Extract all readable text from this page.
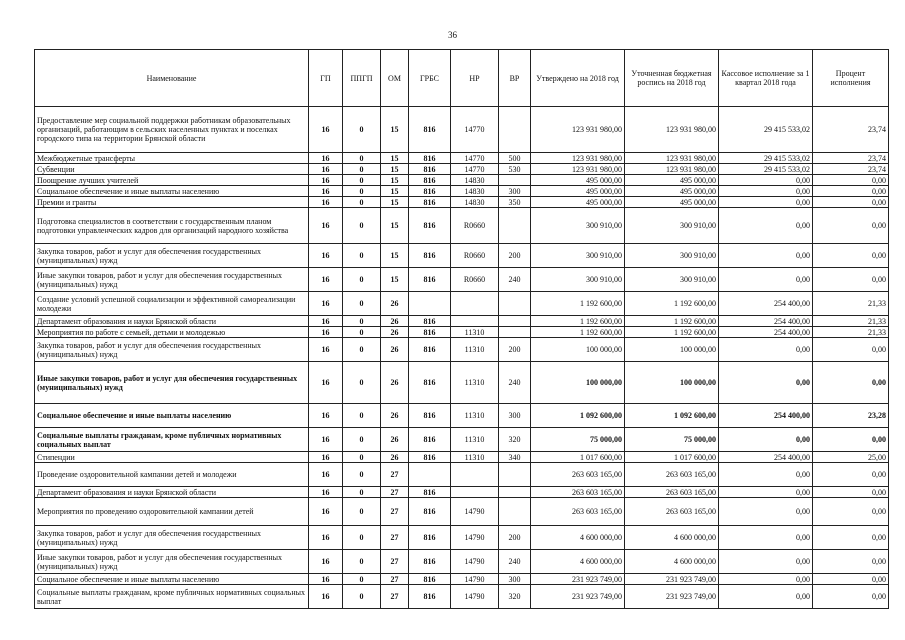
36
Наименование	ГП	ППГП	ОМ	ГРБС	НР	ВР	Утверждено на 2018 год	Уточненная бюджетная роспись на 2018 год	Кассовое исполнение за 1 квартал 2018 года	Процент исполнения
Предоставление мер социальной поддержки работникам образовательных организаций, работающим в сельских населенных пунктах и поселках городского типа на территории Брянской области	16	0	15	816	14770		123 931 980,00	123 931 980,00	29 415 533,02	23,74
Межбюджетные трансферты	16	0	15	816	14770	500	123 931 980,00	123 931 980,00	29 415 533,02	23,74
Субвенции	16	0	15	816	14770	530	123 931 980,00	123 931 980,00	29 415 533,02	23,74
Поощрение лучших учителей	16	0	15	816	14830		495 000,00	495 000,00	0,00	0,00
Социальное обеспечение и иные выплаты населению	16	0	15	816	14830	300	495 000,00	495 000,00	0,00	0,00
Премии и гранты	16	0	15	816	14830	350	495 000,00	495 000,00	0,00	0,00
Подготовка специалистов в соответствии с государственным планом подготовки управленческих кадров для организаций народного хозяйства	16	0	15	816	R0660		300 910,00	300 910,00	0,00	0,00
Закупка товаров, работ и услуг для обеспечения государственных (муниципальных) нужд	16	0	15	816	R0660	200	300 910,00	300 910,00	0,00	0,00
Иные закупки товаров, работ и услуг для обеспечения государственных (муниципальных) нужд	16	0	15	816	R0660	240	300 910,00	300 910,00	0,00	0,00
Создание условий успешной социализации и эффективной самореализации молодежи	16	0	26				1 192 600,00	1 192 600,00	254 400,00	21,33
Департамент образования и науки Брянской области	16	0	26	816			1 192 600,00	1 192 600,00	254 400,00	21,33
Мероприятия по работе с семьей, детьми и молодежью	16	0	26	816	11310		1 192 600,00	1 192 600,00	254 400,00	21,33
Закупка товаров, работ и услуг для обеспечения государственных (муниципальных) нужд	16	0	26	816	11310	200	100 000,00	100 000,00	0,00	0,00
Иные закупки товаров, работ и услуг для обеспечения государственных (муниципальных) нужд	16	0	26	816	11310	240	100 000,00	100 000,00	0,00	0,00
Социальное обеспечение и иные выплаты населению	16	0	26	816	11310	300	1 092 600,00	1 092 600,00	254 400,00	23,28
Социальные выплаты гражданам, кроме публичных нормативных социальных выплат	16	0	26	816	11310	320	75 000,00	75 000,00	0,00	0,00
Стипендии	16	0	26	816	11310	340	1 017 600,00	1 017 600,00	254 400,00	25,00
Проведение оздоровительной кампании детей и молодежи	16	0	27				263 603 165,00	263 603 165,00	0,00	0,00
Департамент образования и науки Брянской области	16	0	27	816			263 603 165,00	263 603 165,00	0,00	0,00
Мероприятия по проведению оздоровительной кампании детей	16	0	27	816	14790		263 603 165,00	263 603 165,00	0,00	0,00
Закупка товаров, работ и услуг для обеспечения государственных (муниципальных) нужд	16	0	27	816	14790	200	4 600 000,00	4 600 000,00	0,00	0,00
Иные закупки товаров, работ и услуг для обеспечения государственных (муниципальных) нужд	16	0	27	816	14790	240	4 600 000,00	4 600 000,00	0,00	0,00
Социальное обеспечение и иные выплаты населению	16	0	27	816	14790	300	231 923 749,00	231 923 749,00	0,00	0,00
Социальные выплаты гражданам, кроме публичных нормативных социальных выплат	16	0	27	816	14790	320	231 923 749,00	231 923 749,00	0,00	0,00
